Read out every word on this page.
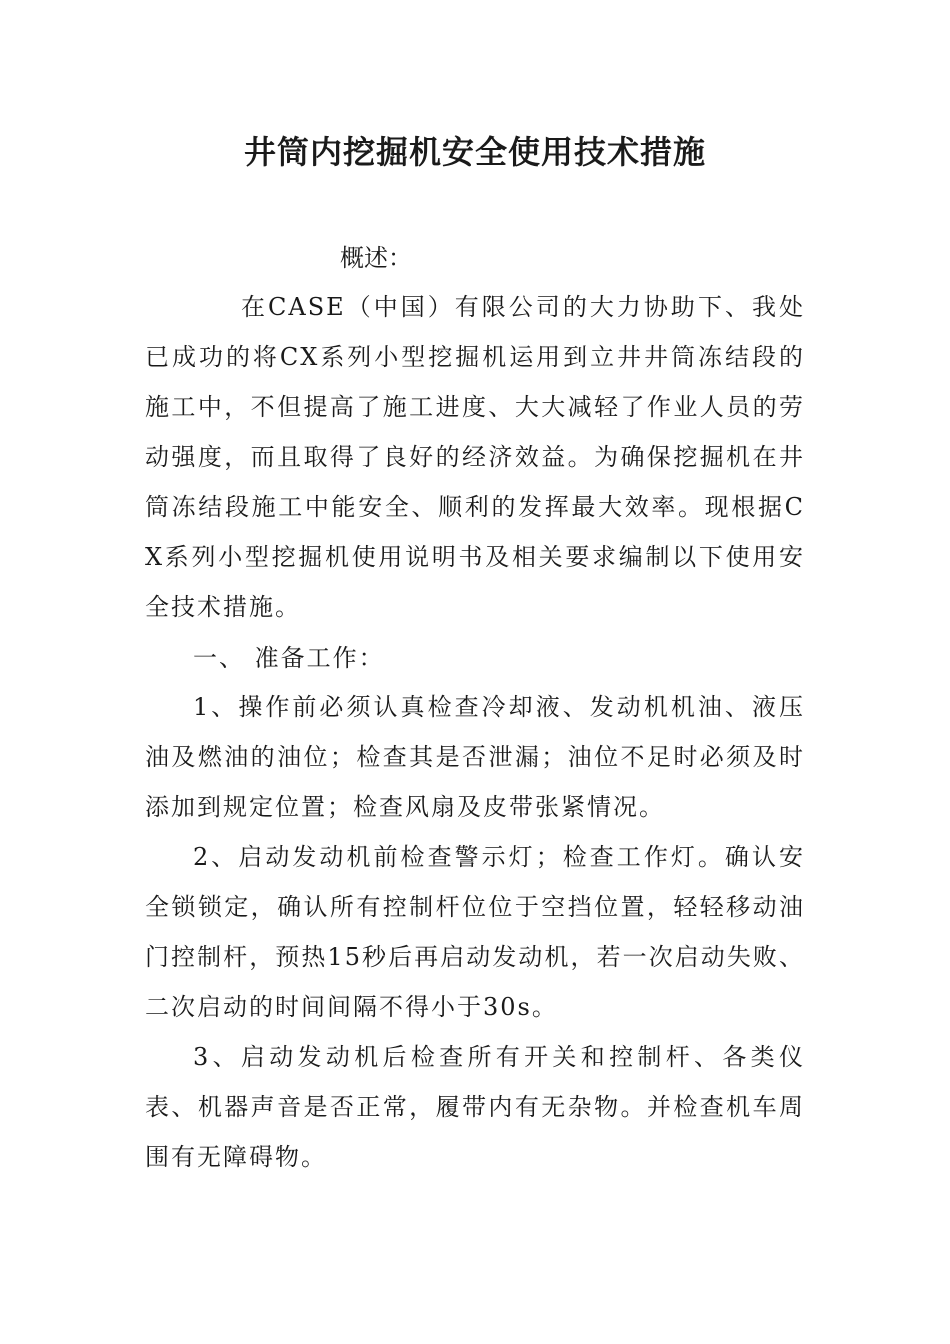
井筒内挖掘机安全使用技术措施

概述：

在CASE（中国）有限公司的大力协助下、我处已成功的将CX系列小型挖掘机运用到立井井筒冻结段的施工中，不但提高了施工进度、大大减轻了作业人员的劳动强度，而且取得了良好的经济效益。为确保挖掘机在井筒冻结段施工中能安全、顺利的发挥最大效率。现根据CX系列小型挖掘机使用说明书及相关要求编制以下使用安全技术措施。

一、 准备工作：

1、操作前必须认真检查冷却液、发动机机油、液压油及燃油的油位；检查其是否泄漏；油位不足时必须及时添加到规定位置；检查风扇及皮带张紧情况。

2、启动发动机前检查警示灯；检查工作灯。确认安全锁锁定，确认所有控制杆位位于空挡位置，轻轻移动油门控制杆，预热15秒后再启动发动机，若一次启动失败、二次启动的时间间隔不得小于30s。

3、启动发动机后检查所有开关和控制杆、各类仪表、机器声音是否正常，履带内有无杂物。并检查机车周围有无障碍物。
